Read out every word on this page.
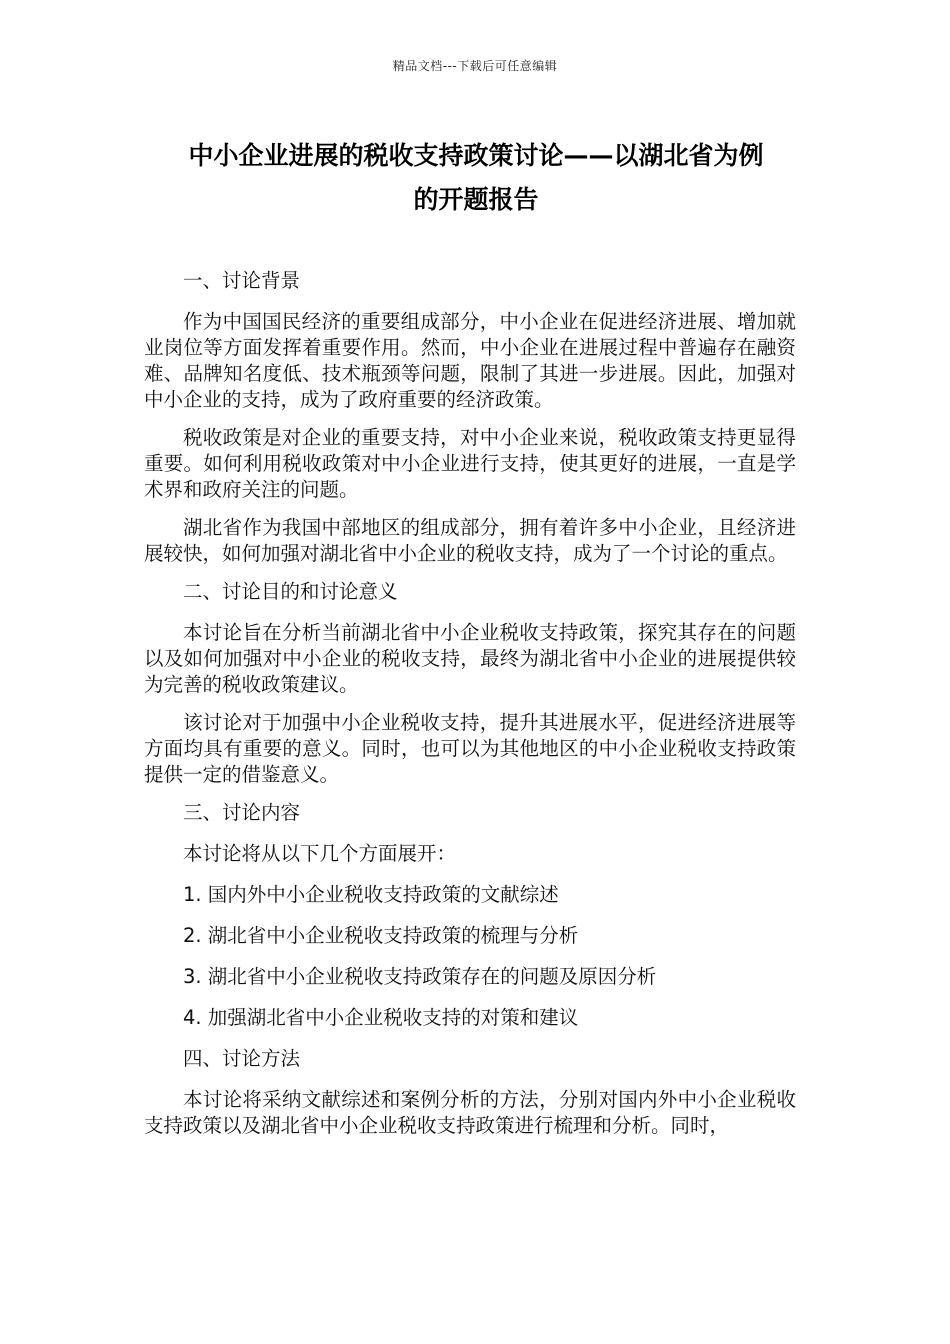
精品文档---下载后可任意编辑
中小企业进展的税收支持政策讨论——以湖北省为例
的开题报告

一、讨论背景

作为中国国民经济的重要组成部分，中小企业在促进经济进展、增加就业岗位等方面发挥着重要作用。然而，中小企业在进展过程中普遍存在融资难、品牌知名度低、技术瓶颈等问题，限制了其进一步进展。因此，加强对中小企业的支持，成为了政府重要的经济政策。

税收政策是对企业的重要支持，对中小企业来说，税收政策支持更显得重要。如何利用税收政策对中小企业进行支持，使其更好的进展，一直是学术界和政府关注的问题。

湖北省作为我国中部地区的组成部分，拥有着许多中小企业，且经济进展较快，如何加强对湖北省中小企业的税收支持，成为了一个讨论的重点。

二、讨论目的和讨论意义

本讨论旨在分析当前湖北省中小企业税收支持政策，探究其存在的问题以及如何加强对中小企业的税收支持，最终为湖北省中小企业的进展提供较为完善的税收政策建议。

该讨论对于加强中小企业税收支持，提升其进展水平，促进经济进展等方面均具有重要的意义。同时，也可以为其他地区的中小企业税收支持政策提供一定的借鉴意义。

三、讨论内容

本讨论将从以下几个方面展开：

1. 国内外中小企业税收支持政策的文献综述

2. 湖北省中小企业税收支持政策的梳理与分析

3. 湖北省中小企业税收支持政策存在的问题及原因分析

4. 加强湖北省中小企业税收支持的对策和建议

四、讨论方法

本讨论将采纳文献综述和案例分析的方法，分别对国内外中小企业税收支持政策以及湖北省中小企业税收支持政策进行梳理和分析。同时，
